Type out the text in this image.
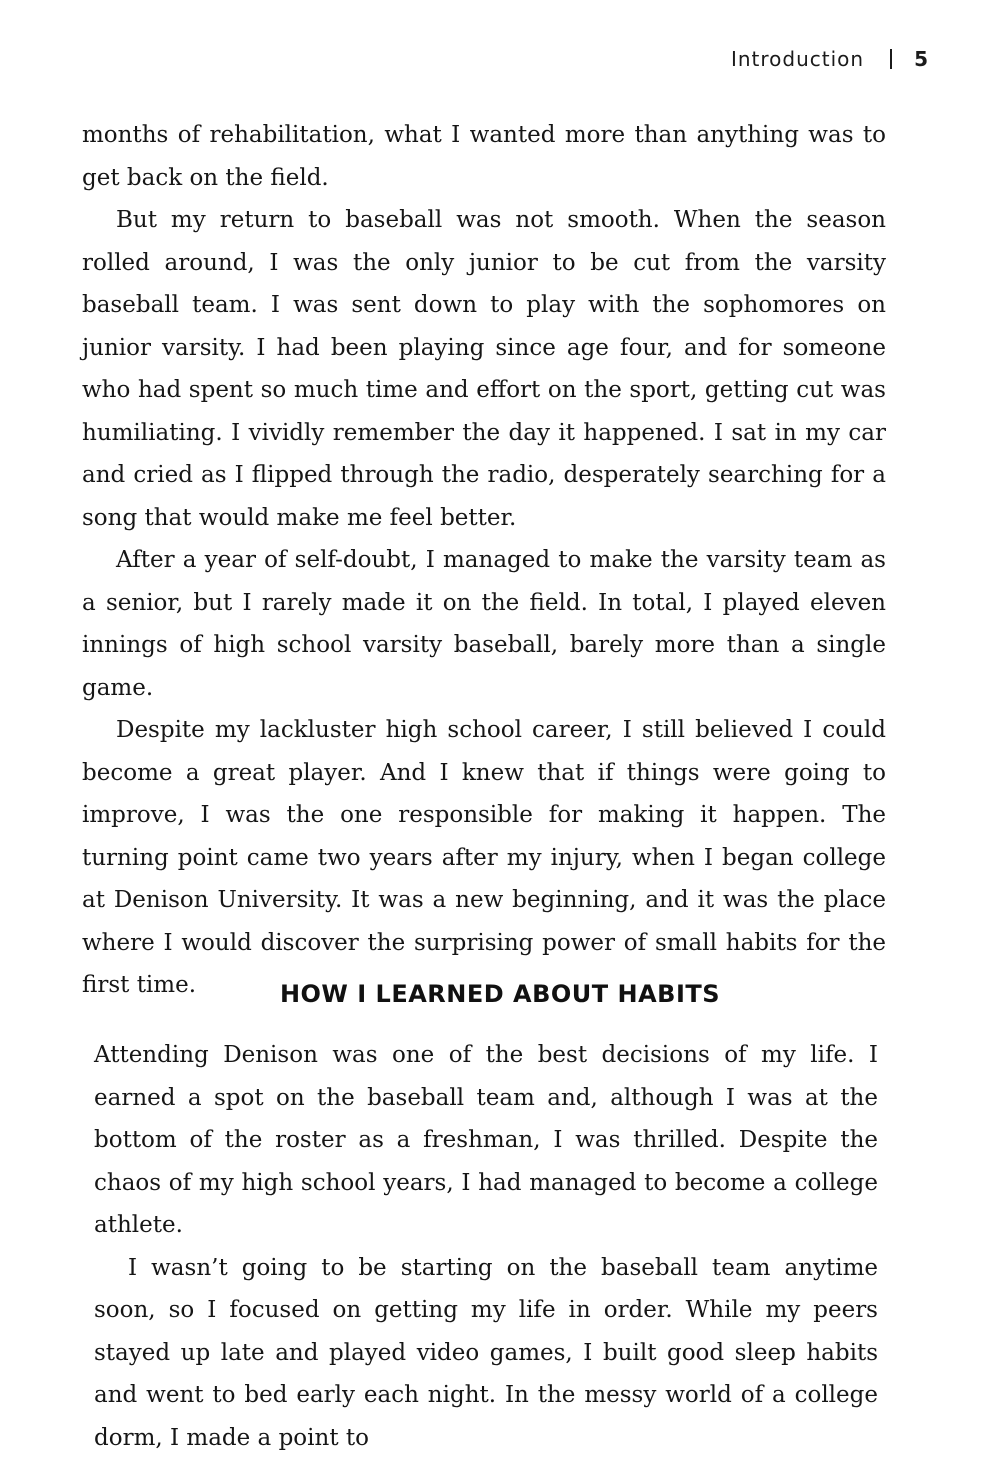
Introduction	5

months of rehabilitation, what I wanted more than anything was to get back on the field.

But my return to baseball was not smooth. When the season rolled around, I was the only junior to be cut from the varsity baseball team. I was sent down to play with the sophomores on junior varsity. I had been playing since age four, and for someone who had spent so much time and effort on the sport, getting cut was humiliating. I vividly remember the day it happened. I sat in my car and cried as I flipped through the radio, desperately searching for a song that would make me feel better.

After a year of self-doubt, I managed to make the varsity team as a senior, but I rarely made it on the field. In total, I played eleven innings of high school varsity baseball, barely more than a single game.

Despite my lackluster high school career, I still believed I could become a great player. And I knew that if things were going to improve, I was the one responsible for making it happen. The turning point came two years after my injury, when I began college at Denison University. It was a new beginning, and it was the place where I would discover the surprising power of small habits for the first time.	HOW I LEARNED ABOUT HABITS

Attending Denison was one of the best decisions of my life. I earned a spot on the baseball team and, although I was at the bottom of the roster as a freshman, I was thrilled. Despite the chaos of my high school years, I had managed to become a college athlete.

I wasn’t going to be starting on the baseball team anytime soon, so I focused on getting my life in order. While my peers stayed up late and played video games, I built good sleep habits and went to bed early each night. In the messy world of a college dorm, I made a point to
